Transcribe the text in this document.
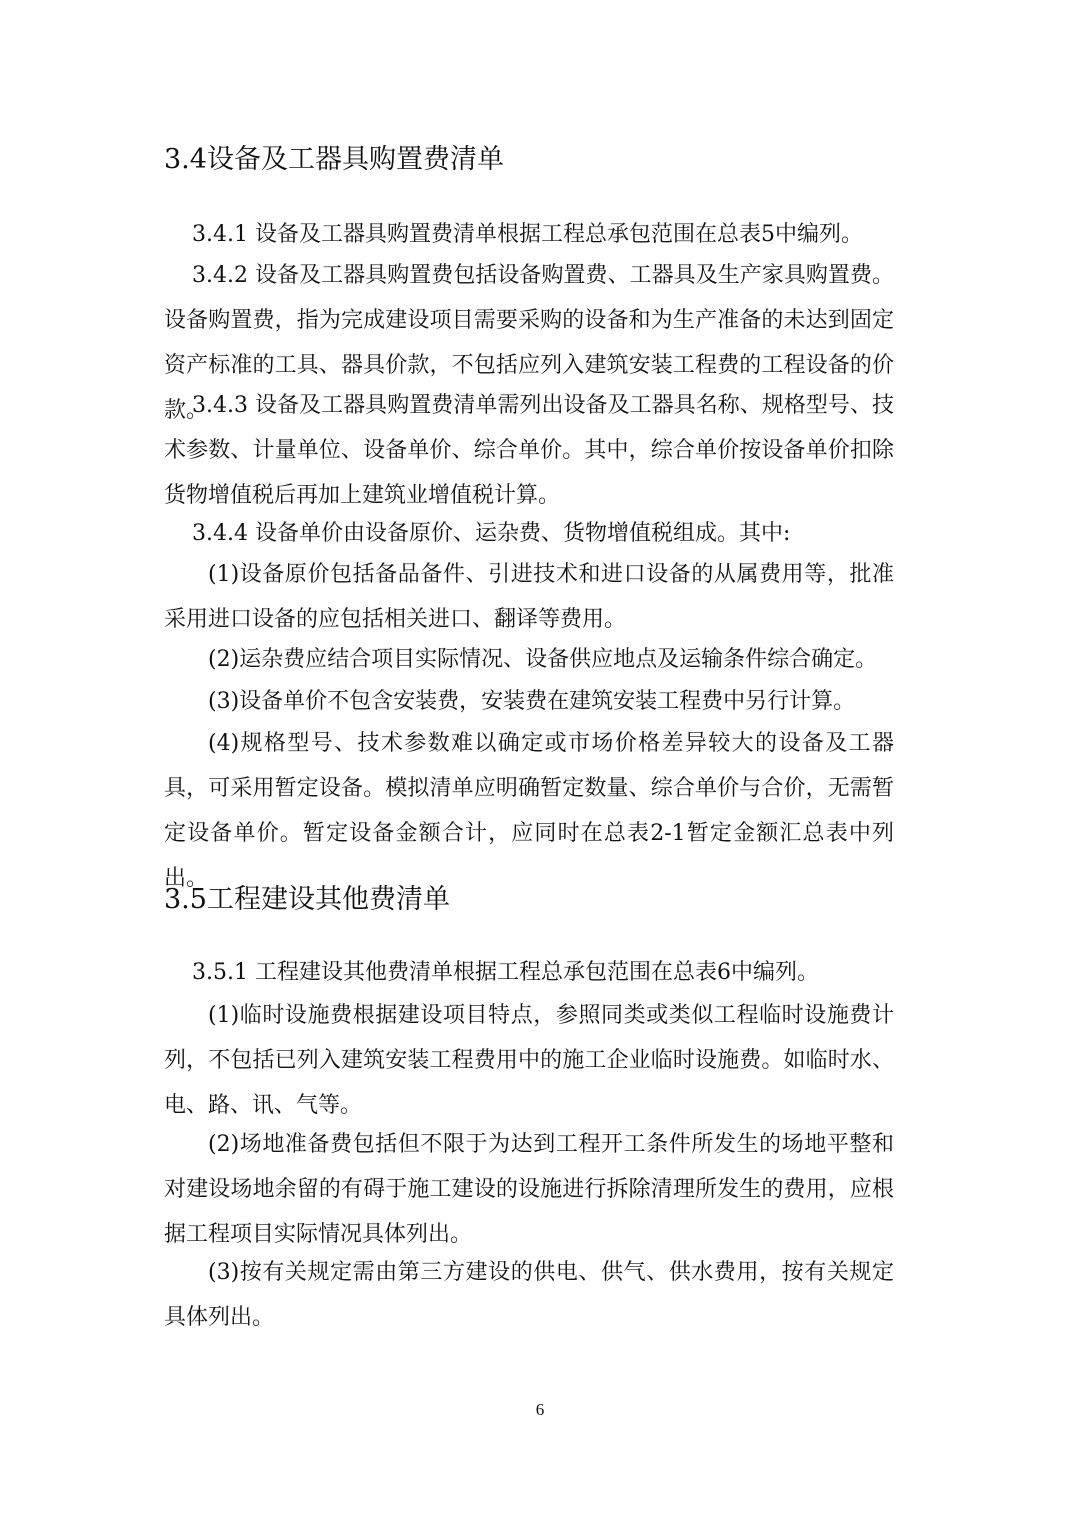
3.4设备及工器具购置费清单

3.4.1 设备及工器具购置费清单根据工程总承包范围在总表5中编列。

3.4.2 设备及工器具购置费包括设备购置费、工器具及生产家具购置费。设备购置费，指为完成建设项目需要采购的设备和为生产准备的未达到固定资产标准的工具、器具价款，不包括应列入建筑安装工程费的工程设备的价款。

3.4.3 设备及工器具购置费清单需列出设备及工器具名称、规格型号、技术参数、计量单位、设备单价、综合单价。其中，综合单价按设备单价扣除货物增值税后再加上建筑业增值税计算。

3.4.4 设备单价由设备原价、运杂费、货物增值税组成。其中:

(1)设备原价包括备品备件、引进技术和进口设备的从属费用等，批准采用进口设备的应包括相关进口、翻译等费用。

(2)运杂费应结合项目实际情况、设备供应地点及运输条件综合确定。

(3)设备单价不包含安装费，安装费在建筑安装工程费中另行计算。

(4)规格型号、技术参数难以确定或市场价格差异较大的设备及工器具，可采用暂定设备。模拟清单应明确暂定数量、综合单价与合价，无需暂定设备单价。暂定设备金额合计，应同时在总表2-1暂定金额汇总表中列出。

3.5工程建设其他费清单

3.5.1 工程建设其他费清单根据工程总承包范围在总表6中编列。

(1)临时设施费根据建设项目特点，参照同类或类似工程临时设施费计列，不包括已列入建筑安装工程费用中的施工企业临时设施费。如临时水、电、路、讯、气等。

(2)场地准备费包括但不限于为达到工程开工条件所发生的场地平整和对建设场地余留的有碍于施工建设的设施进行拆除清理所发生的费用，应根据工程项目实际情况具体列出。

(3)按有关规定需由第三方建设的供电、供气、供水费用，按有关规定具体列出。

6
